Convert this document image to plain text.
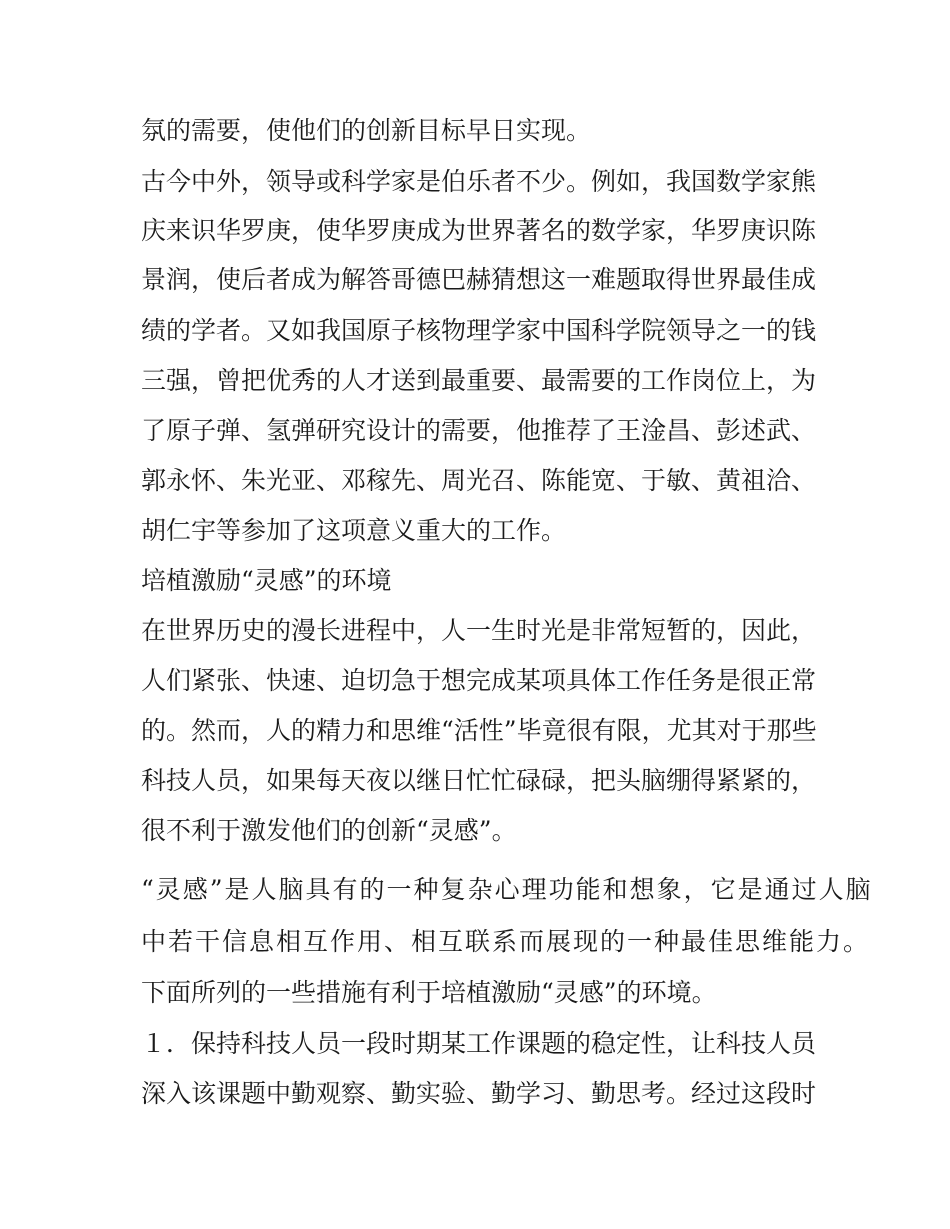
氛的需要，使他们的创新目标早日实现。
古今中外，领导或科学家是伯乐者不少。例如，我国数学家熊
庆来识华罗庚，使华罗庚成为世界著名的数学家，华罗庚识陈
景润，使后者成为解答哥德巴赫猜想这一难题取得世界最佳成
绩的学者。又如我国原子核物理学家中国科学院领导之一的钱
三强，曾把优秀的人才送到最重要、最需要的工作岗位上，为
了原子弹、氢弹研究设计的需要，他推荐了王淦昌、彭述武、
郭永怀、朱光亚、邓稼先、周光召、陈能宽、于敏、黄祖洽、
胡仁宇等参加了这项意义重大的工作。
培植激励“灵感”的环境
在世界历史的漫长进程中，人一生时光是非常短暂的，因此，
人们紧张、快速、迫切急于想完成某项具体工作任务是很正常
的。然而，人的精力和思维“活性”毕竟很有限，尤其对于那些
科技人员，如果每天夜以继日忙忙碌碌，把头脑绷得紧紧的，
很不利于激发他们的创新“灵感”。
“灵感”是人脑具有的一种复杂心理功能和想象，它是通过人脑
中若干信息相互作用、相互联系而展现的一种最佳思维能力。
下面所列的一些措施有利于培植激励“灵感”的环境。
１．保持科技人员一段时期某工作课题的稳定性，让科技人员
深入该课题中勤观察、勤实验、勤学习、勤思考。经过这段时
